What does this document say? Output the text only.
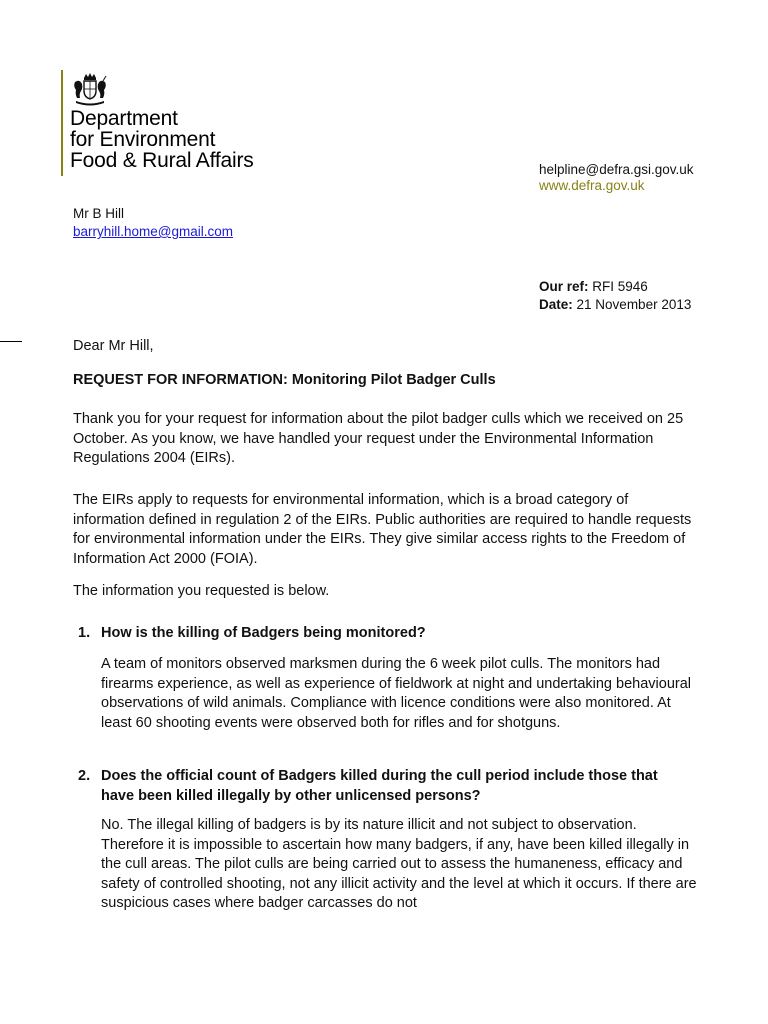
Department
for Environment
Food & Rural Affairs	helpline@defra.gsi.gov.uk
www.defra.gov.uk
Mr B Hill
barryhill.home@gmail.com
Our ref: RFI 5946
Date: 21 November 2013
Dear Mr Hill,
REQUEST FOR INFORMATION: Monitoring Pilot Badger Culls
Thank you for your request for information about the pilot badger culls which we received on 25 October. As you know, we have handled your request under the Environmental Information Regulations 2004 (EIRs).
The EIRs apply to requests for environmental information, which is a broad category of information defined in regulation 2 of the EIRs. Public authorities are required to handle requests for environmental information under the EIRs. They give similar access rights to the Freedom of Information Act 2000 (FOIA).
The information you requested is below.
1. How is the killing of Badgers being monitored?
A team of monitors observed marksmen during the 6 week pilot culls. The monitors had firearms experience, as well as experience of fieldwork at night and undertaking behavioural observations of wild animals. Compliance with licence conditions were also monitored. At least 60 shooting events were observed both for rifles and for shotguns.
2. Does the official count of Badgers killed during the cull period include those that have been killed illegally by other unlicensed persons?
No. The illegal killing of badgers is by its nature illicit and not subject to observation. Therefore it is impossible to ascertain how many badgers, if any, have been killed illegally in the cull areas. The pilot culls are being carried out to assess the humaneness, efficacy and safety of controlled shooting, not any illicit activity and the level at which it occurs. If there are suspicious cases where badger carcasses do not
